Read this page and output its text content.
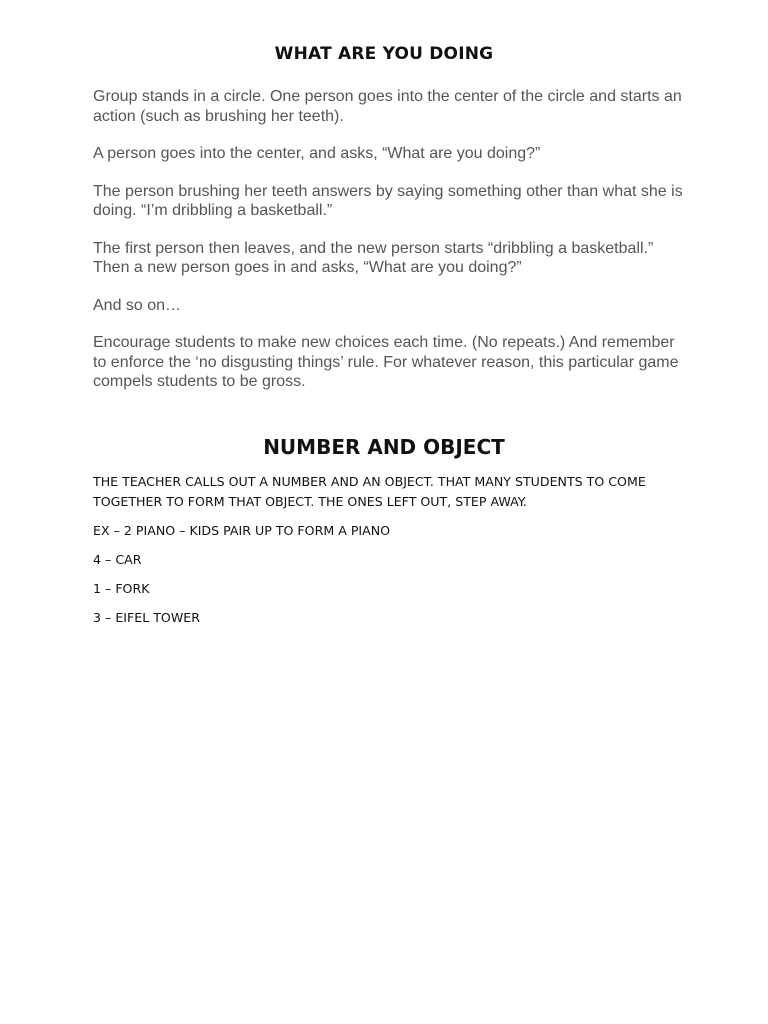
WHAT ARE YOU DOING

Group stands in a circle. One person goes into the center of the circle and starts an action (such as brushing her teeth).

A person goes into the center, and asks, “What are you doing?”

The person brushing her teeth answers by saying something other than what she is doing. “I’m dribbling a basketball.”

The first person then leaves, and the new person starts “dribbling a basketball.” Then a new person goes in and asks, “What are you doing?”

And so on…

Encourage students to make new choices each time. (No repeats.) And remember to enforce the ‘no disgusting things’ rule. For whatever reason, this particular game compels students to be gross.

NUMBER AND OBJECT

THE TEACHER CALLS OUT A NUMBER AND AN OBJECT. THAT MANY STUDENTS TO COME TOGETHER TO FORM THAT OBJECT. THE ONES LEFT OUT, STEP AWAY.

EX – 2 PIANO – KIDS PAIR UP TO FORM A PIANO

4 – CAR

1 – FORK

3 – EIFEL TOWER
